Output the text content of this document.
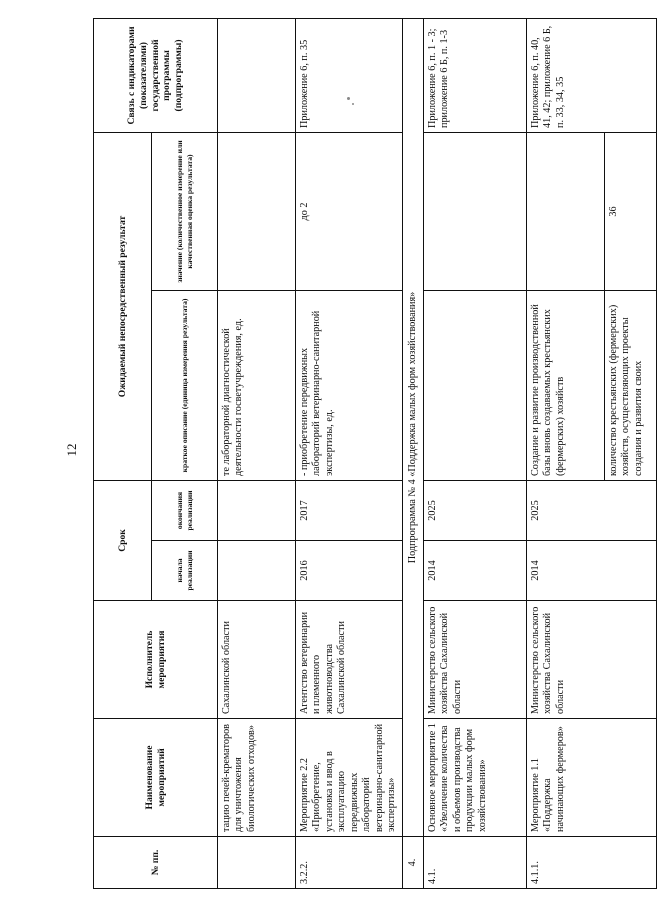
12
№ пп.	Наименование мероприятий	Исполнитель мероприятия	Срок		Ожидаемый непосредственный результат		Связь с индикаторами (показателями) государственной программы (подпрограммы)
			начала реализации	окончания реализации	краткое описание (единица измерения результата)	значение (количественное измерение или качественная оценка результата)	
	тацию печей-крематоров для уничтожения биологических отходов»	Сахалинской области			те лабораторной диагностической деятельности госветучреждения, ед.		
3.2.2.	Мероприятие 2.2 «Приобретение, установка и ввод в эксплуатацию передвижных лабораторий ветеринарно-санитарной экспертизы»	Агентство ветеринарии и племенного животноводства Сахалинской области	2016	2017	- приобретение передвижных лабораторий ветеринарно-санитарной экспертизы, ед.	до 2	Приложение 6, п. 35
4.	Подпрограмма № 4 «Поддержка малых форм хозяйствования»						
4.1.	Основное мероприятие 1 «Увеличение количества и объемов производства продукции малых форм хозяйствования»	Министерство сельского хозяйства Сахалинской области	2014	2025			Приложение 6, п. 1 - 3; приложение 6 Б, п. 1-3
4.1.1.	Мероприятие 1.1 «Поддержка начинающих фермеров»	Министерство сельского хозяйства Сахалинской области	2014	2025	Создание и развитие производственной базы вновь создаваемых крестьянских (фермерских) хозяйств		Приложение 6, п. 40, 41, 42; приложение 6 Б, п. 33, 34, 35
					количество крестьянских (фермерских) хозяйств, осуществляющих проекты создания и развития своих	36	
